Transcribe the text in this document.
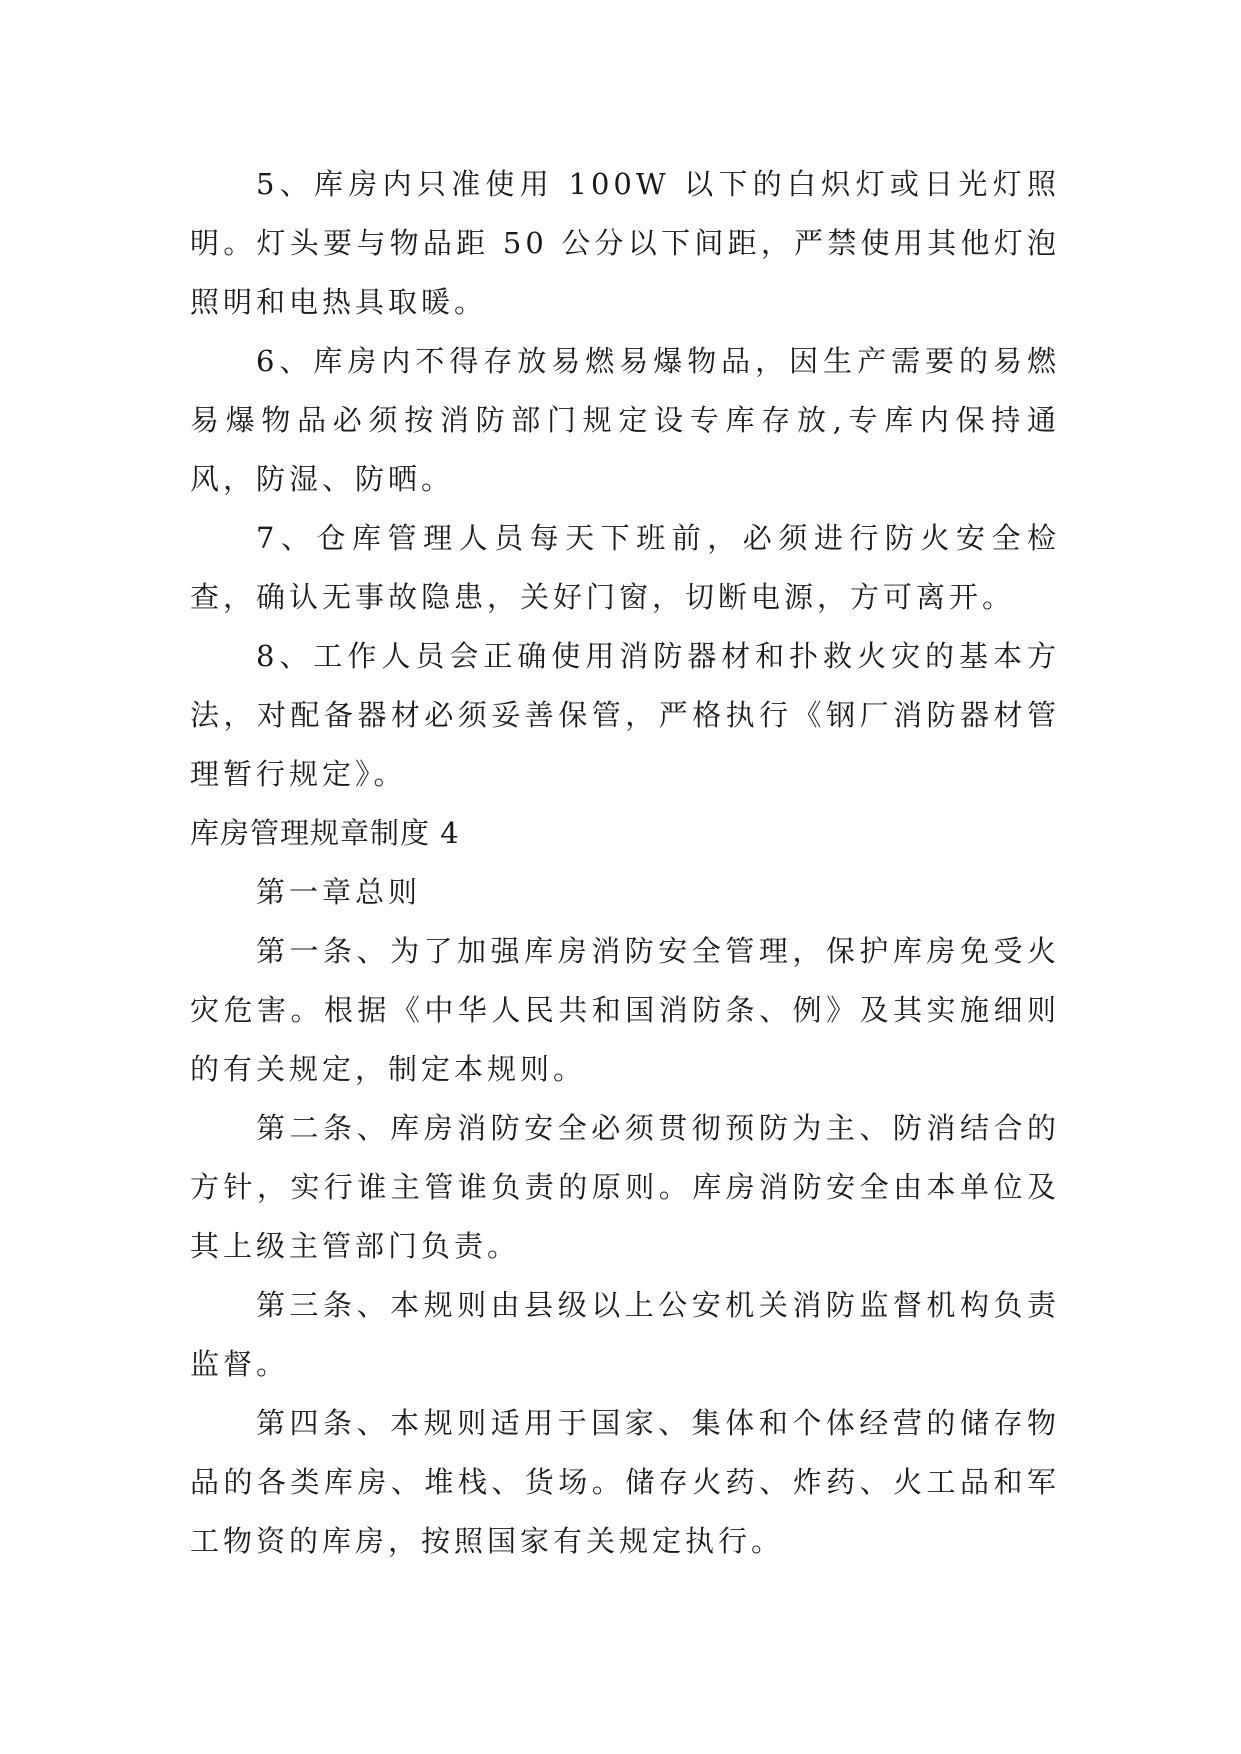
5、库房内只准使用 100W 以下的白炽灯或日光灯照明。灯头要与物品距 50 公分以下间距，严禁使用其他灯泡照明和电热具取暖。

6、库房内不得存放易燃易爆物品，因生产需要的易燃易爆物品必须按消防部门规定设专库存放,专库内保持通风，防湿、防晒。

7、仓库管理人员每天下班前，必须进行防火安全检查，确认无事故隐患，关好门窗，切断电源，方可离开。

8、工作人员会正确使用消防器材和扑救火灾的基本方法，对配备器材必须妥善保管，严格执行《钢厂消防器材管理暂行规定》。

库房管理规章制度 4

第一章总则

第一条、为了加强库房消防安全管理，保护库房免受火灾危害。根据《中华人民共和国消防条、例》及其实施细则的有关规定，制定本规则。

第二条、库房消防安全必须贯彻预防为主、防消结合的方针，实行谁主管谁负责的原则。库房消防安全由本单位及其上级主管部门负责。

第三条、本规则由县级以上公安机关消防监督机构负责监督。

第四条、本规则适用于国家、集体和个体经营的储存物品的各类库房、堆栈、货场。储存火药、炸药、火工品和军工物资的库房，按照国家有关规定执行。
